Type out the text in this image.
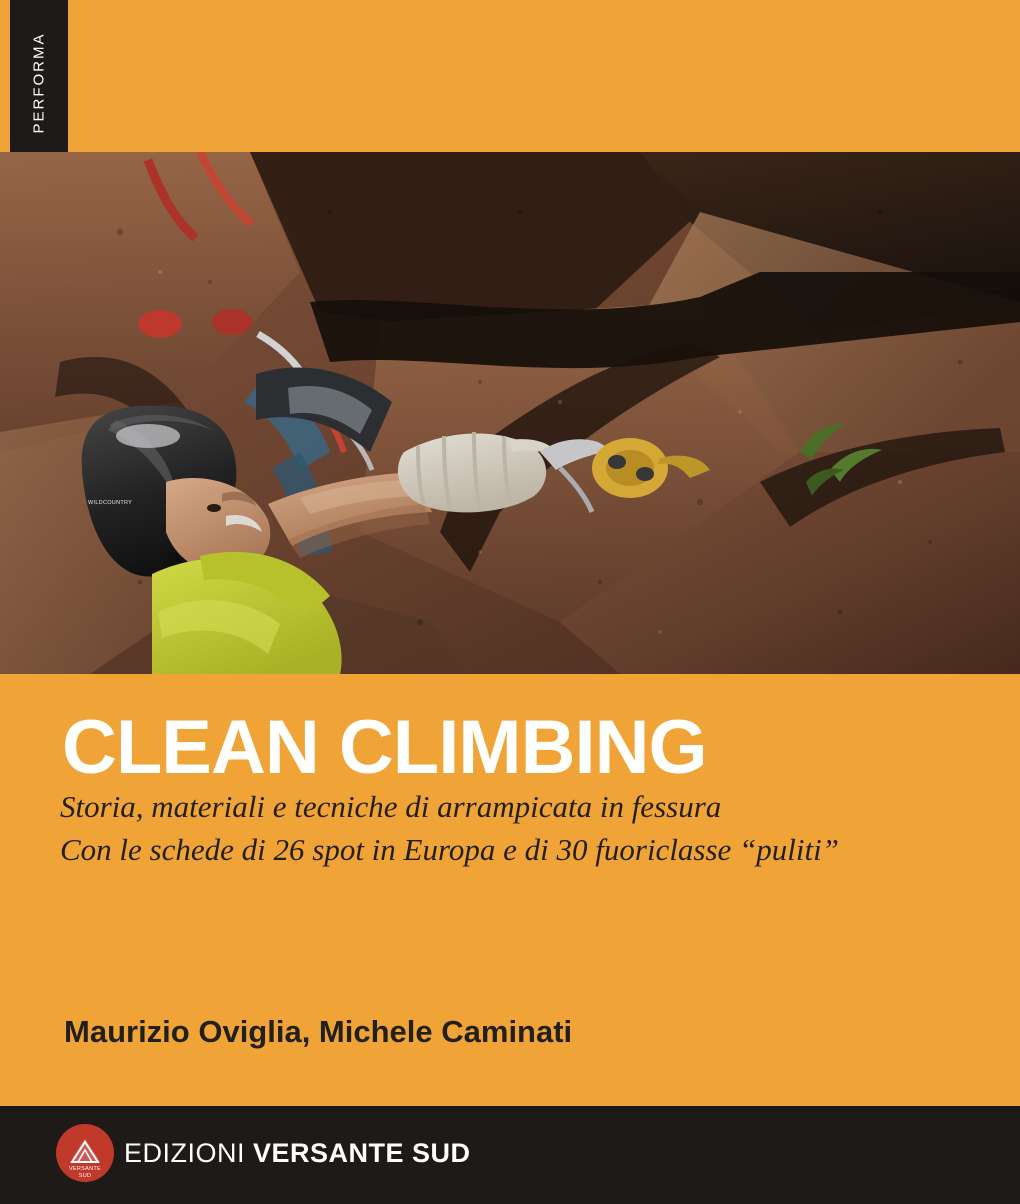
PERFORMA
WILDCOUNTRY
CLEAN CLIMBING
Storia, materiali e tecniche di arrampicata in fessura
Con le schede di 26 spot in Europa e di 30 fuoriclasse “puliti”
Maurizio Oviglia, Michele Caminati
VERSANTE
SUD
EDIZIONI VERSANTE SUD
